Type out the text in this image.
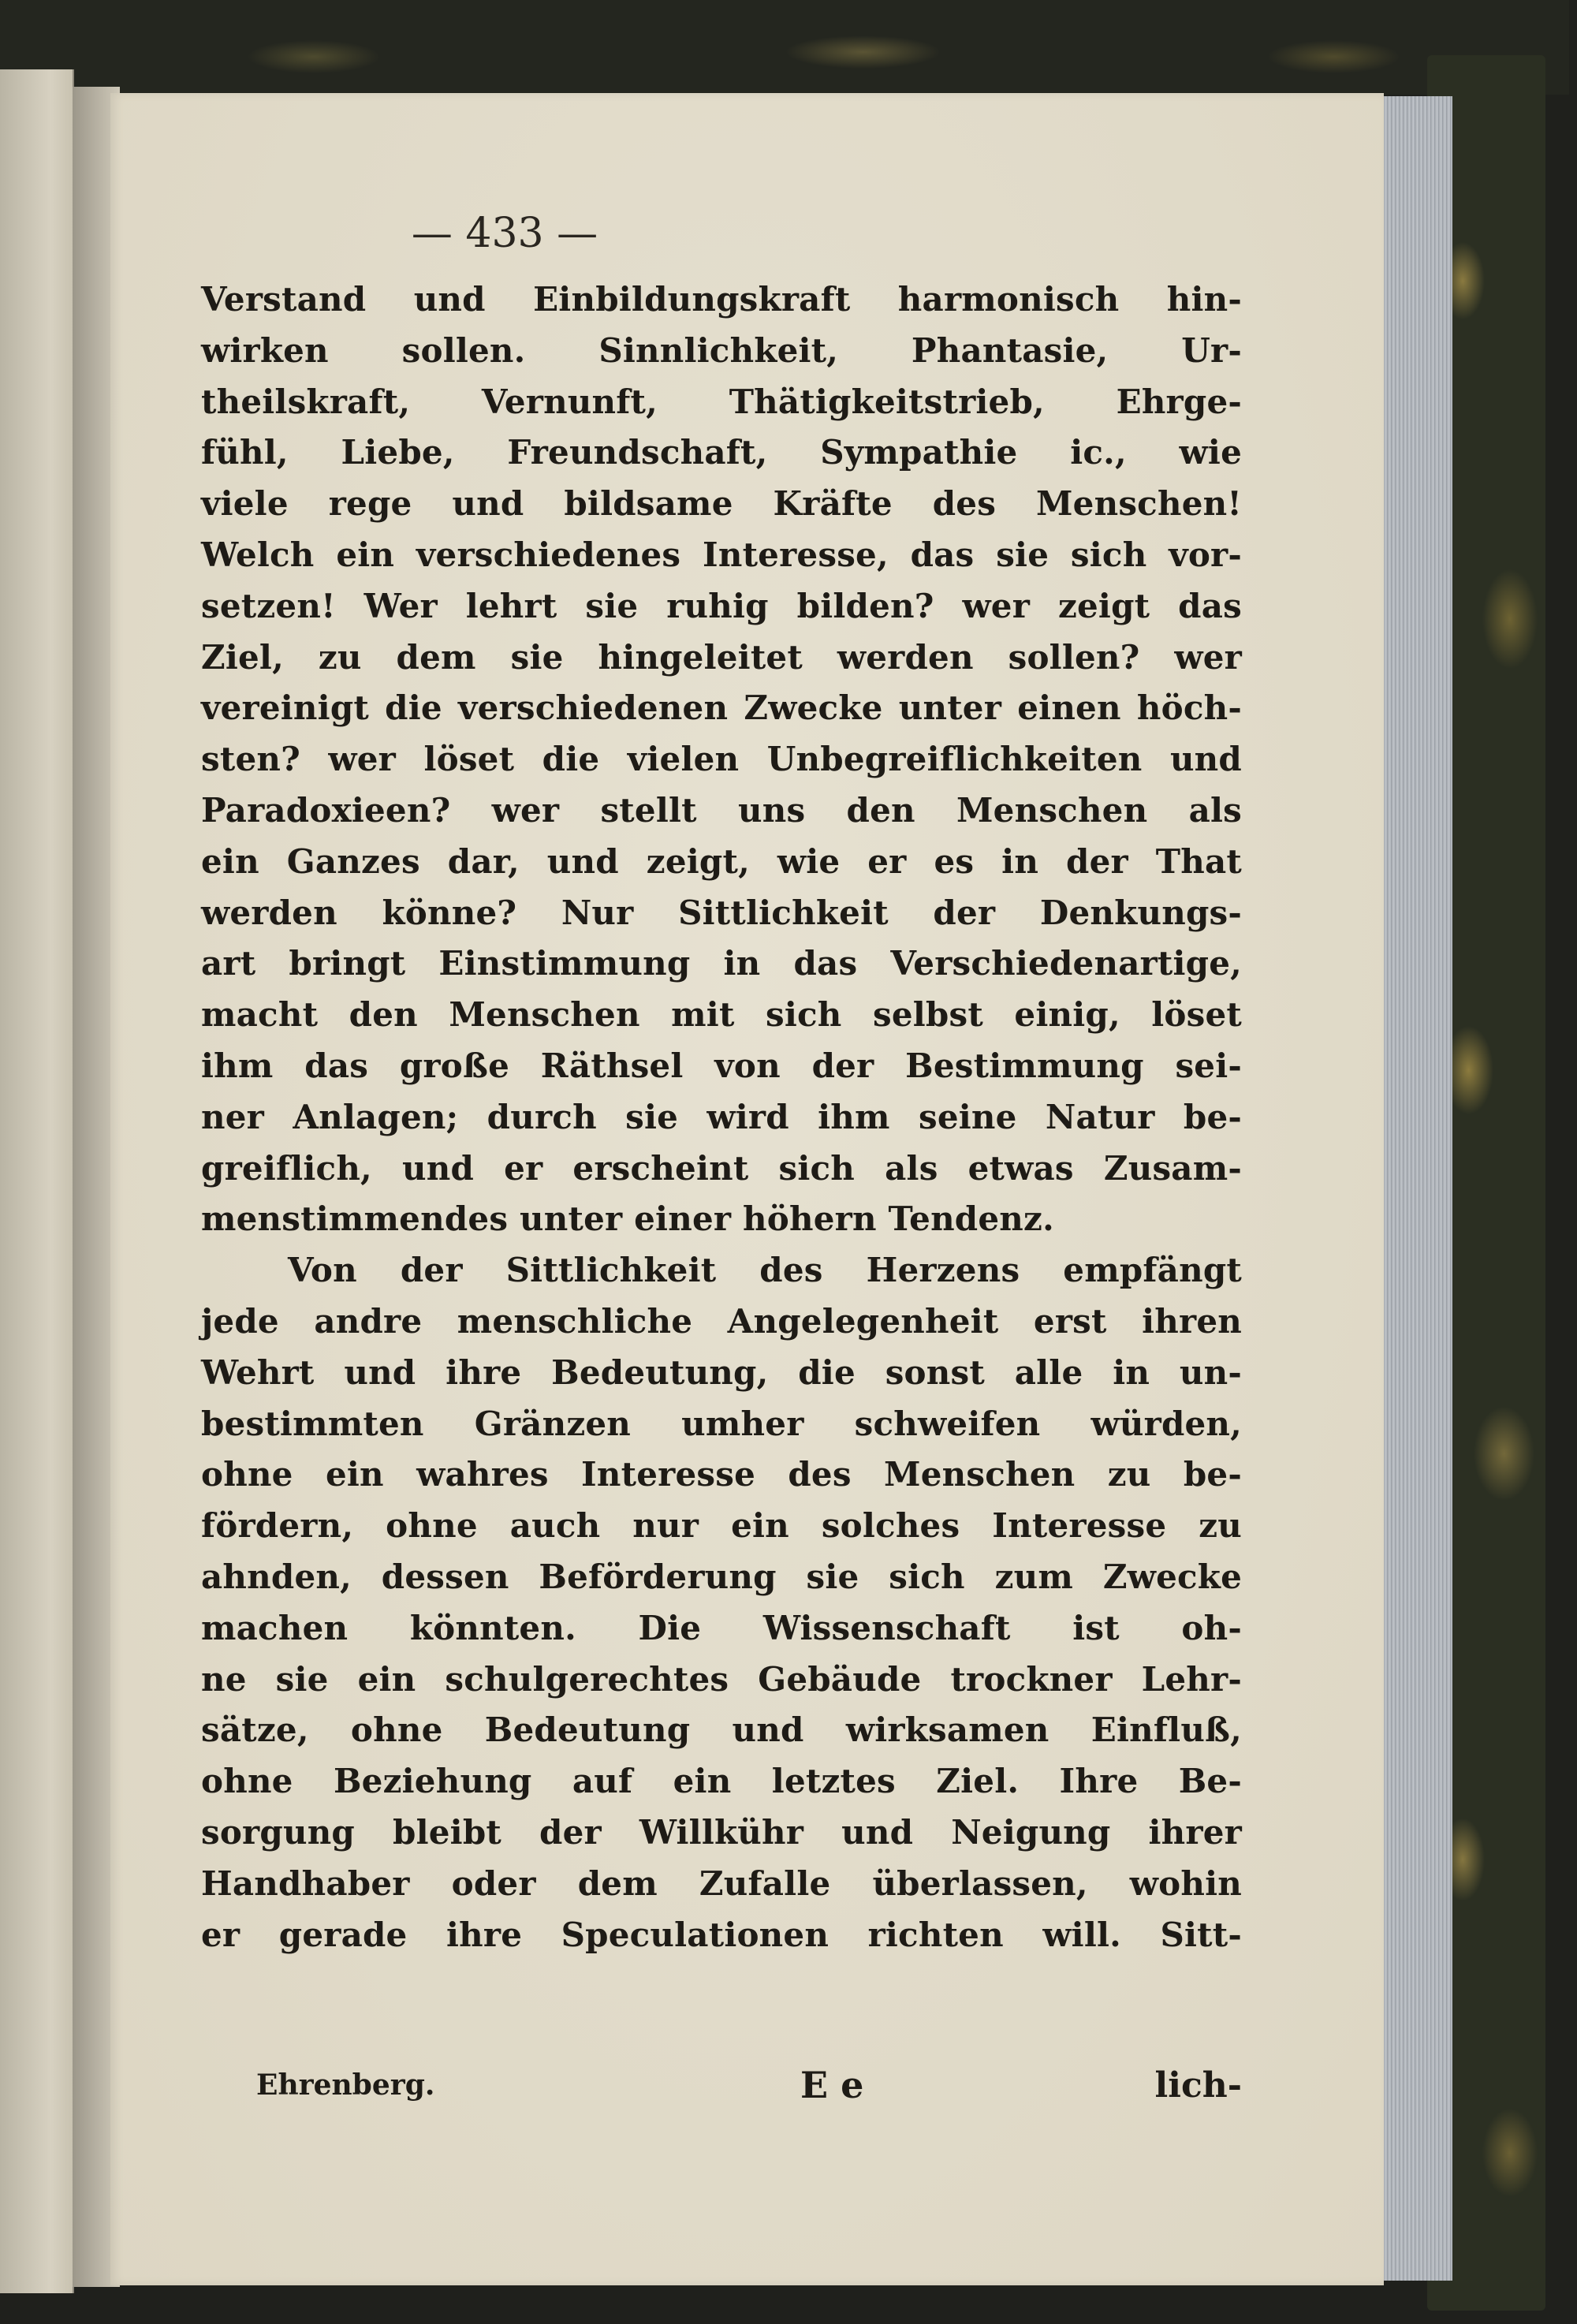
— 433 —
Verstand und Einbildungskraft harmonisch hin-
wirken sollen. Sinnlichkeit, Phantasie, Ur-
theilskraft, Vernunft, Thätigkeitstrieb, Ehrge-
fühl, Liebe, Freundschaft, Sympathie ic., wie
viele rege und bildsame Kräfte des Menschen!
Welch ein verschiedenes Interesse, das sie sich vor-
setzen! Wer lehrt sie ruhig bilden? wer zeigt das
Ziel, zu dem sie hingeleitet werden sollen? wer
vereinigt die verschiedenen Zwecke unter einen höch-
sten? wer löset die vielen Unbegreiflichkeiten und
Paradoxieen? wer stellt uns den Menschen als
ein Ganzes dar, und zeigt, wie er es in der That
werden könne? Nur Sittlichkeit der Denkungs-
art bringt Einstimmung in das Verschiedenartige,
macht den Menschen mit sich selbst einig, löset
ihm das große Räthsel von der Bestimmung sei-
ner Anlagen; durch sie wird ihm seine Natur be-
greiflich, und er erscheint sich als etwas Zusam-
menstimmendes unter einer höhern Tendenz.
Von der Sittlichkeit des Herzens empfängt
jede andre menschliche Angelegenheit erst ihren
Wehrt und ihre Bedeutung, die sonst alle in un-
bestimmten Gränzen umher schweifen würden,
ohne ein wahres Interesse des Menschen zu be-
fördern, ohne auch nur ein solches Interesse zu
ahnden, dessen Beförderung sie sich zum Zwecke
machen könnten. Die Wissenschaft ist oh-
ne sie ein schulgerechtes Gebäude trockner Lehr-
sätze, ohne Bedeutung und wirksamen Einfluß,
ohne Beziehung auf ein letztes Ziel. Ihre Be-
sorgung bleibt der Willkühr und Neigung ihrer
Handhaber oder dem Zufalle überlassen, wohin
er gerade ihre Speculationen richten will. Sitt-
Ehrenberg.	E e	lich-
